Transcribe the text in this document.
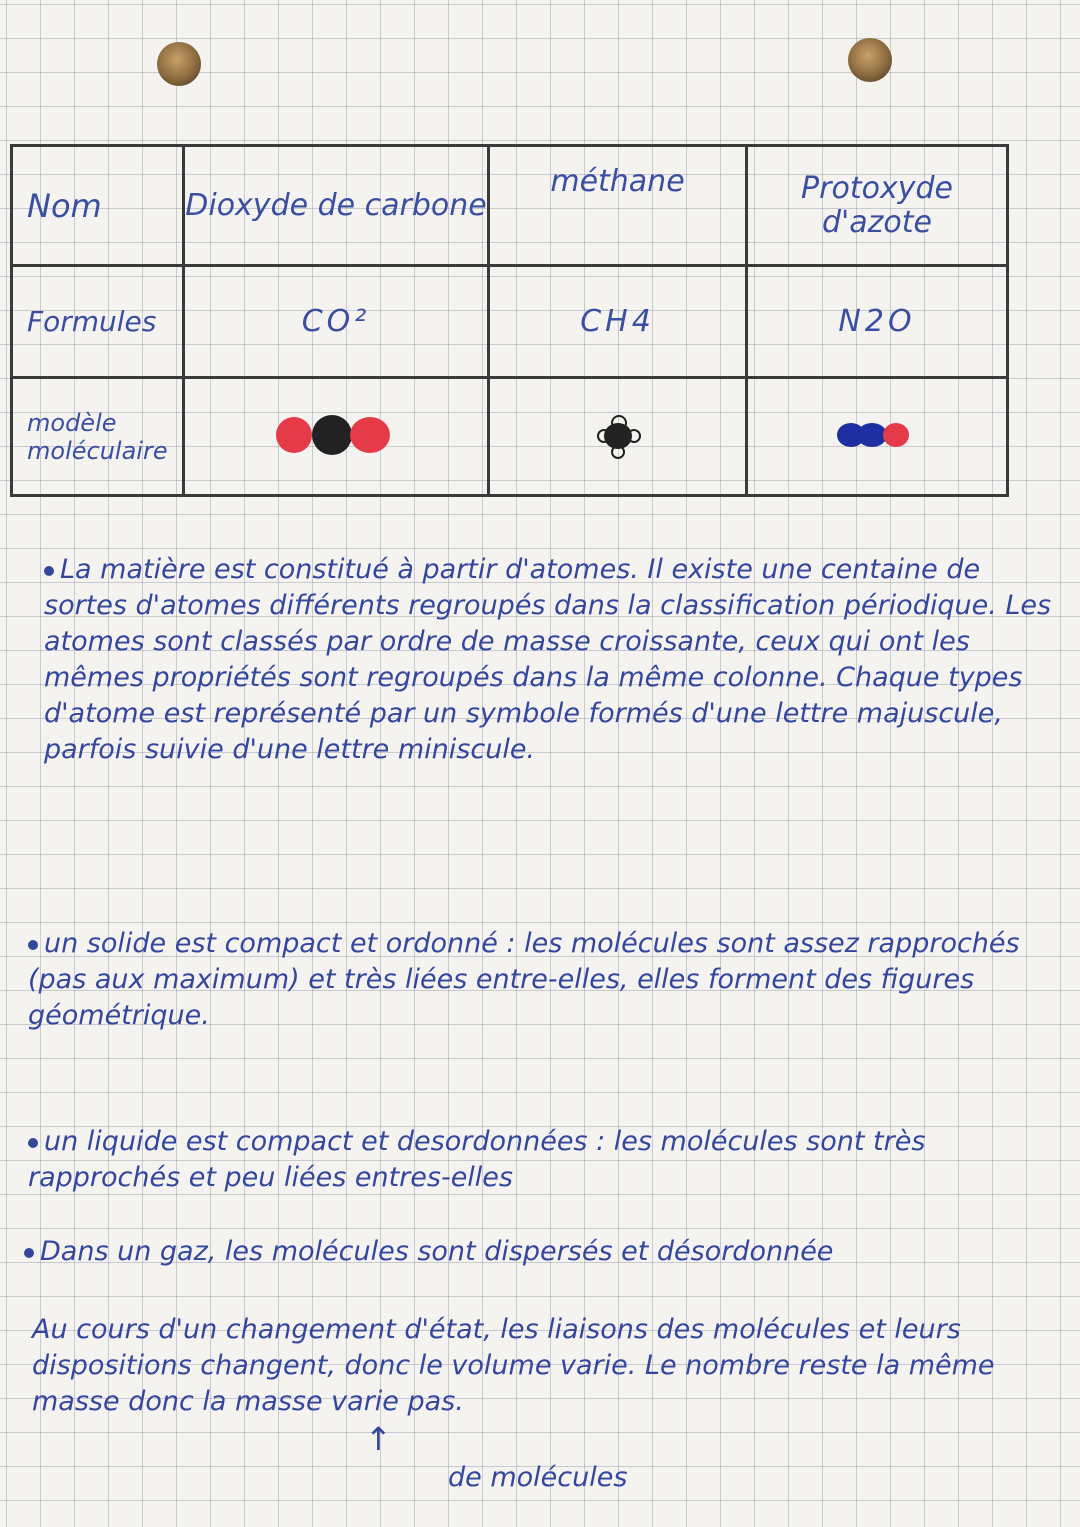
Nom	Dioxyde de carbone	méthane	Protoxyde d'azote
Formules	CO²	CH4	N2O
modèle moléculaire	

La matière est constitué à partir d'atomes. Il existe une centaine de sortes d'atomes différents regroupés dans la classification périodique. Les atomes sont classés par ordre de masse croissante, ceux qui ont les mêmes propriétés sont regroupés dans la même colonne. Chaque types d'atome est représenté par un symbole formés d'une lettre majuscule, parfois suivie d'une lettre miniscule.

un solide est compact et ordonné : les molécules sont assez rapprochés (pas aux maximum) et très liées entre-elles, elles forment des figures géométrique.

un liquide est compact et desordonnées : les molécules sont très rapprochés et peu liées entres-elles

Dans un gaz, les molécules sont dispersés et désordonnée

Au cours d'un changement d'état, les liaisons des molécules et leurs dispositions changent, donc le volume varie. Le nombre reste la même masse donc la masse varie pas.

↑
de molécules
